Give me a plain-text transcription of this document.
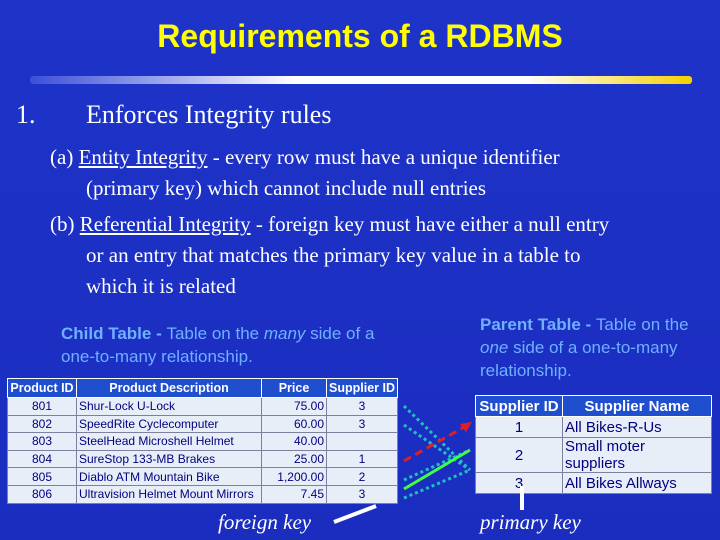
Requirements of a RDBMS
1. Enforces Integrity rules
(a) Entity Integrity - every row must have a unique identifier
(primary key) which cannot include null entries
(b) Referential Integrity - foreign key must have either a null entry
or an entry that matches the primary key value in a table to
which it is related
Child Table - Table on the many side of a one-to-many relationship.
Parent Table - Table on the one side of a one-to-many relationship.
Product ID	Product Description	Price	Supplier ID
801	Shur-Lock U-Lock	75.00	3
802	SpeedRite Cyclecomputer	60.00	3
803	SteelHead Microshell Helmet	40.00	
804	SureStop 133-MB Brakes	25.00	1
805	Diablo ATM Mountain Bike	1,200.00	2
806	Ultravision Helmet Mount Mirrors	7.45	3
Supplier ID	Supplier Name
1	All Bikes-R-Us
2	Small moter suppliers
3	All Bikes Allways
foreign key	primary key
